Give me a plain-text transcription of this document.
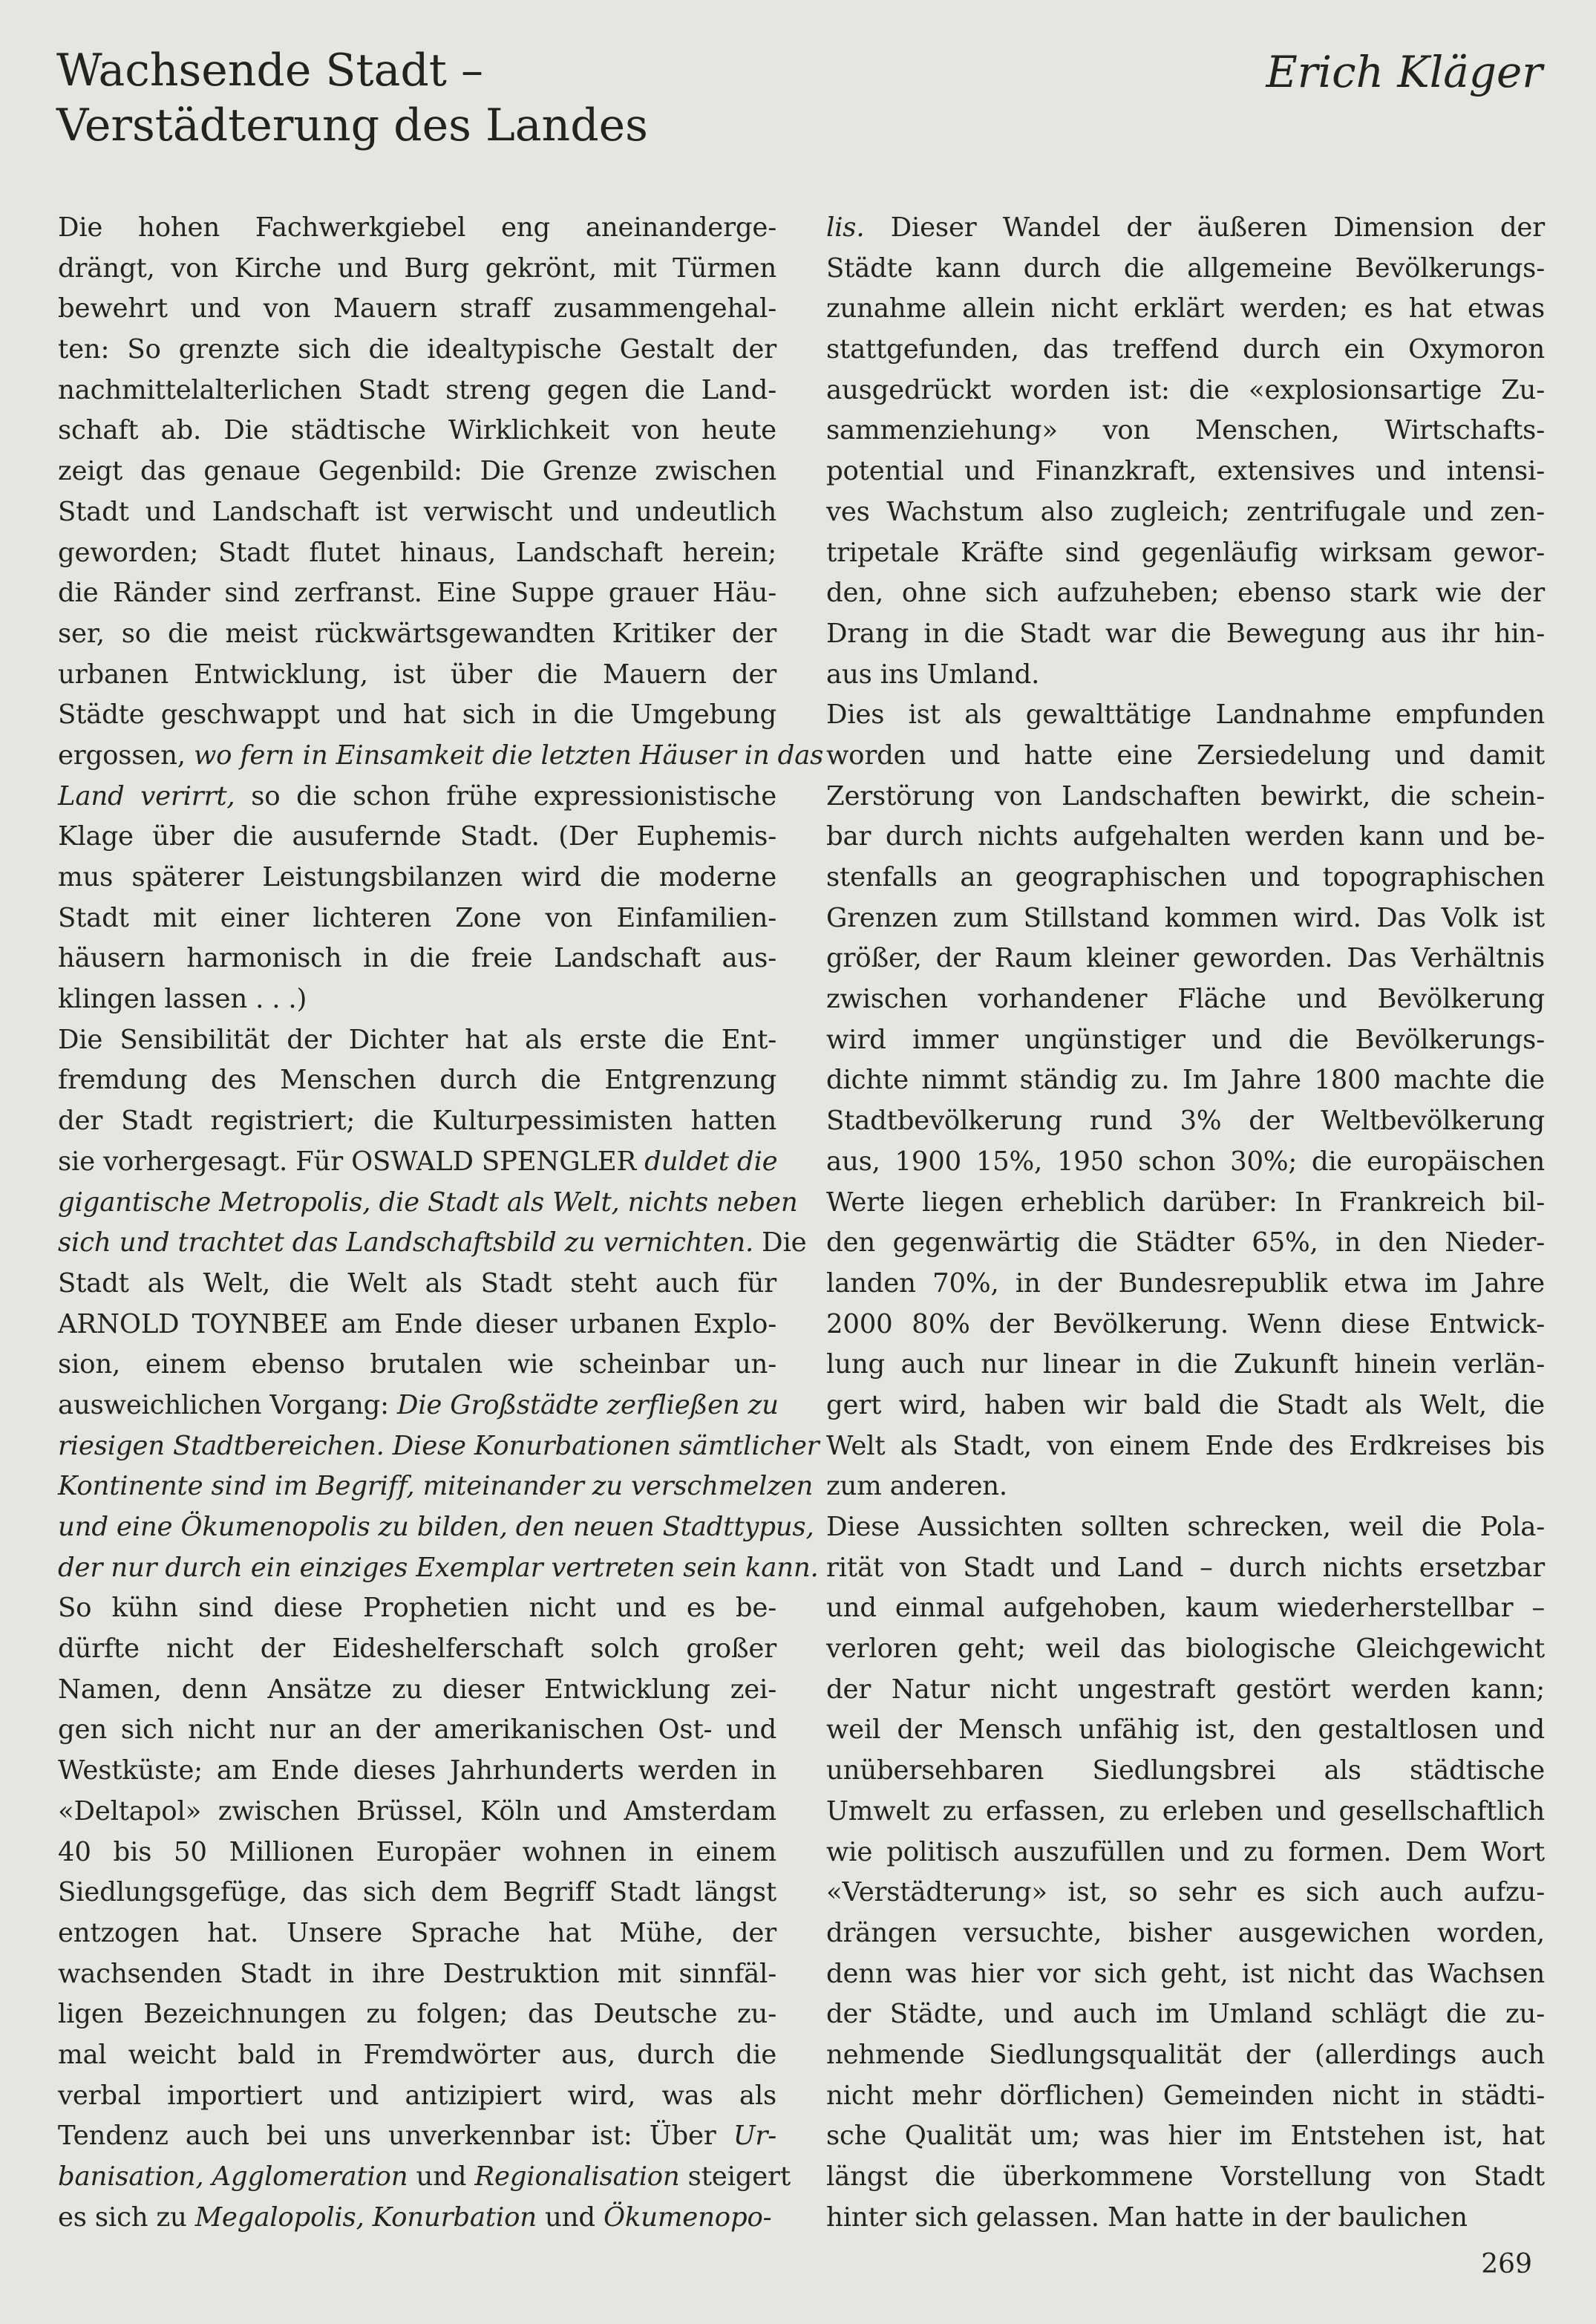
Wachsende Stadt –
Verstädterung des Landes
Erich Kläger
Die hohen Fachwerkgiebel eng aneinanderge-
drängt, von Kirche und Burg gekrönt, mit Türmen
bewehrt und von Mauern straff zusammengehal-
ten: So grenzte sich die idealtypische Gestalt der
nachmittelalterlichen Stadt streng gegen die Land-
schaft ab. Die städtische Wirklichkeit von heute
zeigt das genaue Gegenbild: Die Grenze zwischen
Stadt und Landschaft ist verwischt und undeutlich
geworden; Stadt flutet hinaus, Landschaft herein;
die Ränder sind zerfranst. Eine Suppe grauer Häu-
ser, so die meist rückwärtsgewandten Kritiker der
urbanen Entwicklung, ist über die Mauern der
Städte geschwappt und hat sich in die Umgebung
ergossen, wo fern in Einsamkeit die letzten Häuser in das
Land verirrt, so die schon frühe expressionistische
Klage über die ausufernde Stadt. (Der Euphemis-
mus späterer Leistungsbilanzen wird die moderne
Stadt mit einer lichteren Zone von Einfamilien-
häusern harmonisch in die freie Landschaft aus-
klingen lassen . . .)
Die Sensibilität der Dichter hat als erste die Ent-
fremdung des Menschen durch die Entgrenzung
der Stadt registriert; die Kulturpessimisten hatten
sie vorhergesagt. Für OSWALD SPENGLER duldet die
gigantische Metropolis, die Stadt als Welt, nichts neben
sich und trachtet das Landschaftsbild zu vernichten. Die
Stadt als Welt, die Welt als Stadt steht auch für
ARNOLD TOYNBEE am Ende dieser urbanen Explo-
sion, einem ebenso brutalen wie scheinbar un-
ausweichlichen Vorgang: Die Großstädte zerfließen zu
riesigen Stadtbereichen. Diese Konurbationen sämtlicher
Kontinente sind im Begriff, miteinander zu verschmelzen
und eine Ökumenopolis zu bilden, den neuen Stadttypus,
der nur durch ein einziges Exemplar vertreten sein kann.
So kühn sind diese Prophetien nicht und es be-
dürfte nicht der Eideshelferschaft solch großer
Namen, denn Ansätze zu dieser Entwicklung zei-
gen sich nicht nur an der amerikanischen Ost- und
Westküste; am Ende dieses Jahrhunderts werden in
«Deltapol» zwischen Brüssel, Köln und Amsterdam
40 bis 50 Millionen Europäer wohnen in einem
Siedlungsgefüge, das sich dem Begriff Stadt längst
entzogen hat. Unsere Sprache hat Mühe, der
wachsenden Stadt in ihre Destruktion mit sinnfäl-
ligen Bezeichnungen zu folgen; das Deutsche zu-
mal weicht bald in Fremdwörter aus, durch die
verbal importiert und antizipiert wird, was als
Tendenz auch bei uns unverkennbar ist: Über Ur-
banisation, Agglomeration und Regionalisation steigert
es sich zu Megalopolis, Konurbation und Ökumenopo-
lis. Dieser Wandel der äußeren Dimension der
Städte kann durch die allgemeine Bevölkerungs-
zunahme allein nicht erklärt werden; es hat etwas
stattgefunden, das treffend durch ein Oxymoron
ausgedrückt worden ist: die «explosionsartige Zu-
sammenziehung» von Menschen, Wirtschafts-
potential und Finanzkraft, extensives und intensi-
ves Wachstum also zugleich; zentrifugale und zen-
tripetale Kräfte sind gegenläufig wirksam gewor-
den, ohne sich aufzuheben; ebenso stark wie der
Drang in die Stadt war die Bewegung aus ihr hin-
aus ins Umland.
Dies ist als gewalttätige Landnahme empfunden
worden und hatte eine Zersiedelung und damit
Zerstörung von Landschaften bewirkt, die schein-
bar durch nichts aufgehalten werden kann und be-
stenfalls an geographischen und topographischen
Grenzen zum Stillstand kommen wird. Das Volk ist
größer, der Raum kleiner geworden. Das Verhältnis
zwischen vorhandener Fläche und Bevölkerung
wird immer ungünstiger und die Bevölkerungs-
dichte nimmt ständig zu. Im Jahre 1800 machte die
Stadtbevölkerung rund 3% der Weltbevölkerung
aus, 1900 15%, 1950 schon 30%; die europäischen
Werte liegen erheblich darüber: In Frankreich bil-
den gegenwärtig die Städter 65%, in den Nieder-
landen 70%, in der Bundesrepublik etwa im Jahre
2000 80% der Bevölkerung. Wenn diese Entwick-
lung auch nur linear in die Zukunft hinein verlän-
gert wird, haben wir bald die Stadt als Welt, die
Welt als Stadt, von einem Ende des Erdkreises bis
zum anderen.
Diese Aussichten sollten schrecken, weil die Pola-
rität von Stadt und Land – durch nichts ersetzbar
und einmal aufgehoben, kaum wiederherstellbar –
verloren geht; weil das biologische Gleichgewicht
der Natur nicht ungestraft gestört werden kann;
weil der Mensch unfähig ist, den gestaltlosen und
unübersehbaren Siedlungsbrei als städtische
Umwelt zu erfassen, zu erleben und gesellschaftlich
wie politisch auszufüllen und zu formen. Dem Wort
«Verstädterung» ist, so sehr es sich auch aufzu-
drängen versuchte, bisher ausgewichen worden,
denn was hier vor sich geht, ist nicht das Wachsen
der Städte, und auch im Umland schlägt die zu-
nehmende Siedlungsqualität der (allerdings auch
nicht mehr dörflichen) Gemeinden nicht in städti-
sche Qualität um; was hier im Entstehen ist, hat
längst die überkommene Vorstellung von Stadt
hinter sich gelassen. Man hatte in der baulichen
269
